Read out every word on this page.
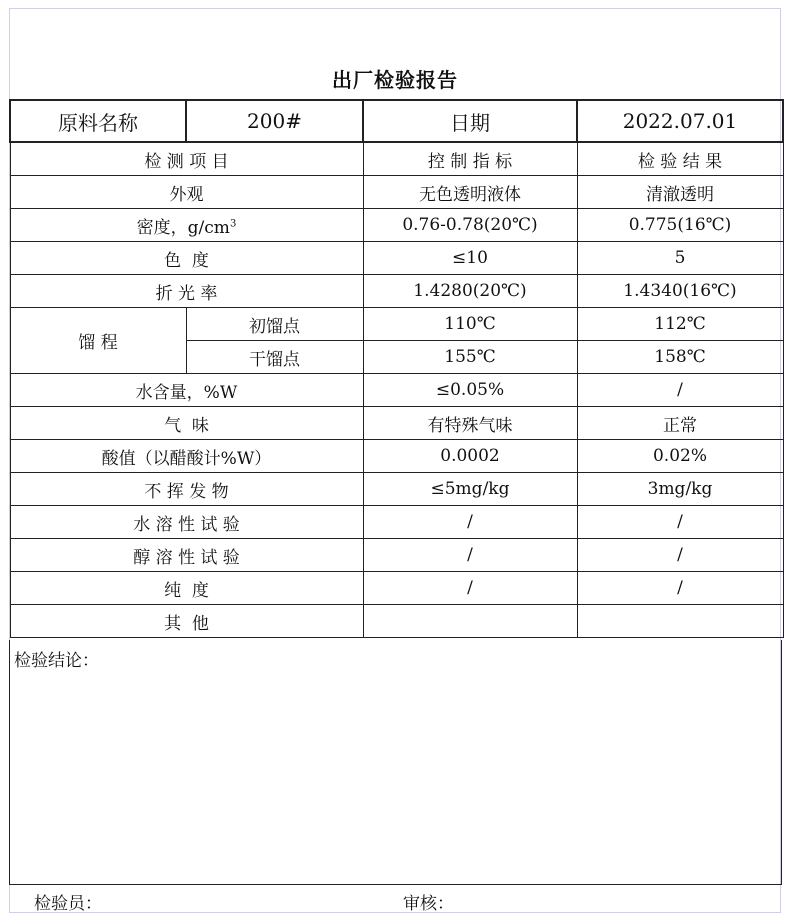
出厂检验报告
原料名称	200#	日期	2022.07.01
检 测 项 目		控 制 指 标	检 验 结 果
外观		无色透明液体	清澈透明
密度，$g/cm^3$		0.76-0.78(20℃)	0.775(16℃)
色  度		≤10	5
折 光 率		1.4280(20℃)	1.4340(16℃)
馏 程	初馏点	110℃	112℃
	干馏点	155℃	158℃
水含量，%W		≤0.05%	/
气  味		有特殊气味	正常
酸值（以醋酸计%W）		0.0002	0.02%
不 挥 发 物		≤5mg/kg	3mg/kg
水 溶 性 试 验		/	/
醇 溶 性 试 验		/	/
纯  度		/	/
其  他			
检验结论：
检验员：	审核：
